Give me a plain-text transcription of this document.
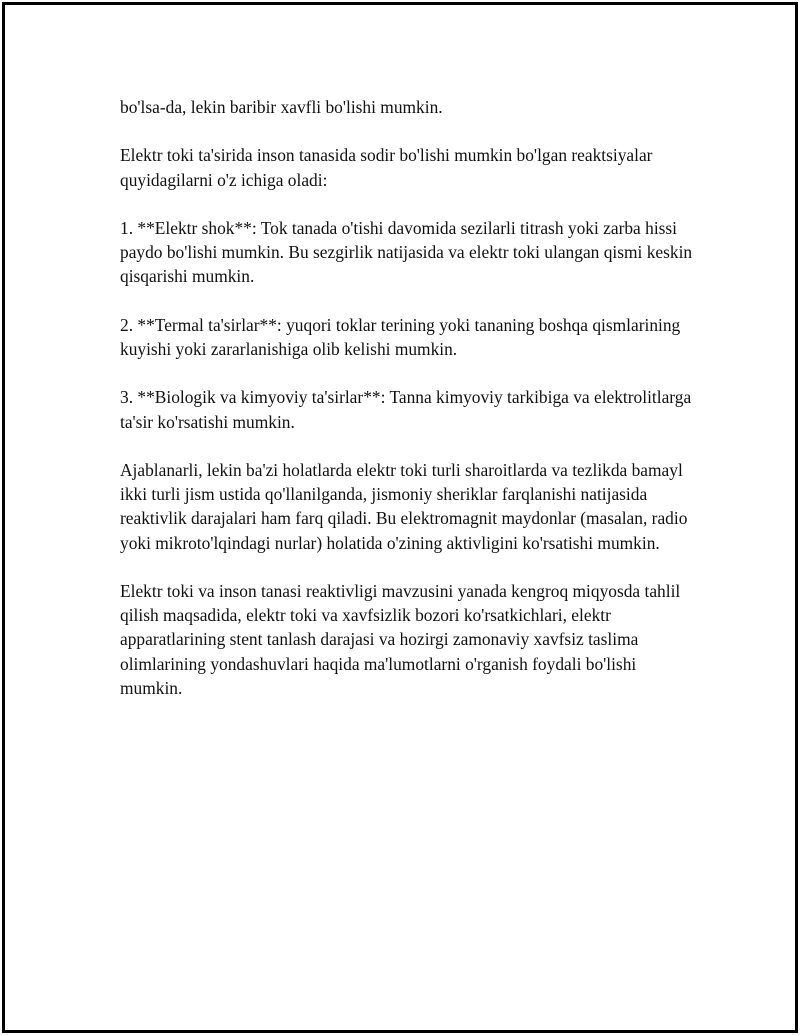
bo'lsa-da, lekin baribir xavfli bo'lishi mumkin.

Elektr toki ta'sirida inson tanasida sodir bo'lishi mumkin bo'lgan reaktsiyalar quyidagilarni o'z ichiga oladi:

1. **Elektr shok**: Tok tanada o'tishi davomida sezilarli titrash yoki zarba hissi paydo bo'lishi mumkin. Bu sezgirlik natijasida va elektr toki ulangan qismi keskin qisqarishi mumkin.

2. **Termal ta'sirlar**: yuqori toklar terining yoki tananing boshqa qismlarining kuyishi yoki zararlanishiga olib kelishi mumkin.

3. **Biologik va kimyoviy ta'sirlar**: Tanna kimyoviy tarkibiga va elektrolitlarga ta'sir ko'rsatishi mumkin.

Ajablanarli, lekin ba'zi holatlarda elektr toki turli sharoitlarda va tezlikda bamayl ikki turli jism ustida qo'llanilganda, jismoniy sheriklar farqlanishi natijasida reaktivlik darajalari ham farq qiladi. Bu elektromagnit maydonlar (masalan, radio yoki mikroto'lqindagi nurlar) holatida o'zining aktivligini ko'rsatishi mumkin.

Elektr toki va inson tanasi reaktivligi mavzusini yanada kengroq miqyosda tahlil qilish maqsadida, elektr toki va xavfsizlik bozori ko'rsatkichlari, elektr apparatlarining stent tanlash darajasi va hozirgi zamonaviy xavfsiz taslima olimlarining yondashuvlari haqida ma'lumotlarni o'rganish foydali bo'lishi mumkin.
